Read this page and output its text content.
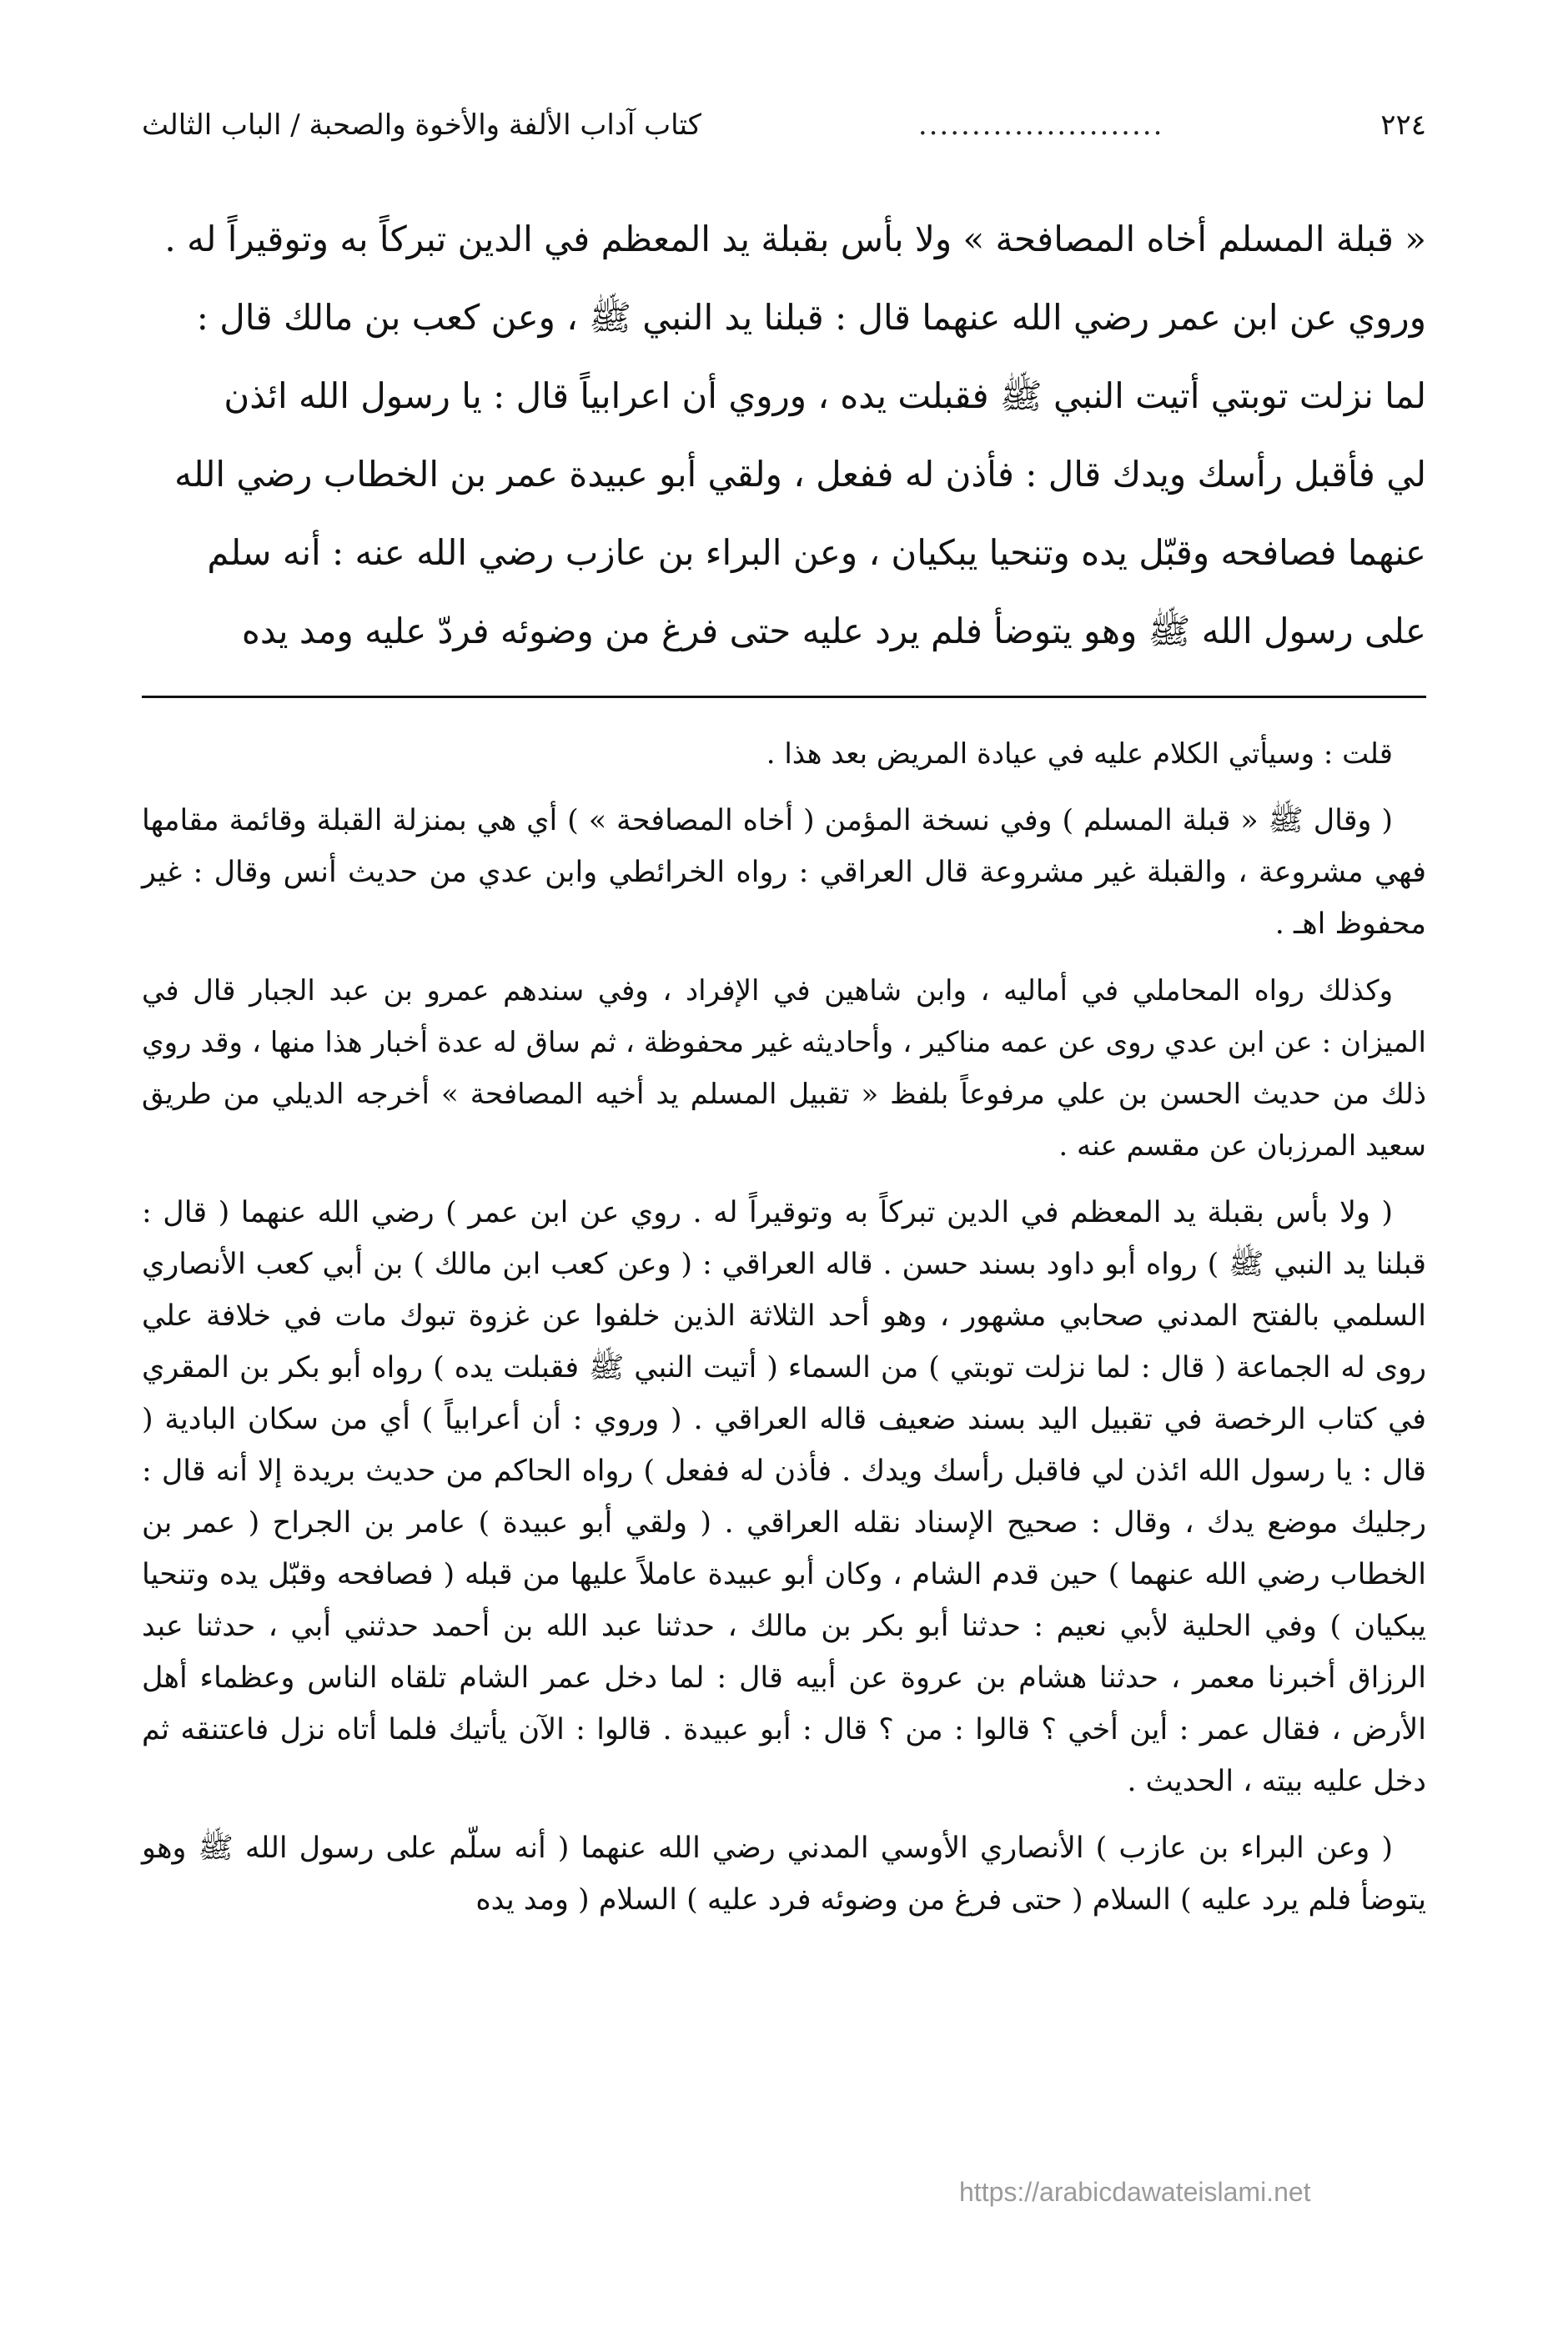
٢٢٤
.......................
كتاب آداب الألفة والأخوة والصحبة / الباب الثالث

« قبلة المسلم أخاه المصافحة » ولا بأس بقبلة يد المعظم في الدين تبركاً به وتوقيراً له .

وروي عن ابن عمر رضي الله عنهما قال : قبلنا يد النبي ﷺ ، وعن كعب بن مالك قال :

لما نزلت توبتي أتيت النبي ﷺ فقبلت يده ، وروي أن اعرابياً قال : يا رسول الله ائذن

لي فأقبل رأسك ويدك قال : فأذن له ففعل ، ولقي أبو عبيدة عمر بن الخطاب رضي الله

عنهما فصافحه وقبّل يده وتنحيا يبكيان ، وعن البراء بن عازب رضي الله عنه : أنه سلم

على رسول الله ﷺ وهو يتوضأ فلم يرد عليه حتى فرغ من وضوئه فردّ عليه ومد يده

قلت : وسيأتي الكلام عليه في عيادة المريض بعد هذا .

( وقال ﷺ « قبلة المسلم ) وفي نسخة المؤمن ( أخاه المصافحة » ) أي هي بمنزلة القبلة وقائمة مقامها فهي مشروعة ، والقبلة غير مشروعة قال العراقي : رواه الخرائطي وابن عدي من حديث أنس وقال : غير محفوظ اهـ .

وكذلك رواه المحاملي في أماليه ، وابن شاهين في الإفراد ، وفي سندهم عمرو بن عبد الجبار قال في الميزان : عن ابن عدي روى عن عمه مناكير ، وأحاديثه غير محفوظة ، ثم ساق له عدة أخبار هذا منها ، وقد روي ذلك من حديث الحسن بن علي مرفوعاً بلفظ « تقبيل المسلم يد أخيه المصافحة » أخرجه الديلي من طريق سعيد المرزبان عن مقسم عنه .

( ولا بأس بقبلة يد المعظم في الدين تبركاً به وتوقيراً له . روي عن ابن عمر ) رضي الله عنهما ( قال : قبلنا يد النبي ﷺ ) رواه أبو داود بسند حسن . قاله العراقي : ( وعن كعب ابن مالك ) بن أبي كعب الأنصاري السلمي بالفتح المدني صحابي مشهور ، وهو أحد الثلاثة الذين خلفوا عن غزوة تبوك مات في خلافة علي روى له الجماعة ( قال : لما نزلت توبتي ) من السماء ( أتيت النبي ﷺ فقبلت يده ) رواه أبو بكر بن المقري في كتاب الرخصة في تقبيل اليد بسند ضعيف قاله العراقي . ( وروي : أن أعرابياً ) أي من سكان البادية ( قال : يا رسول الله ائذن لي فاقبل رأسك ويدك . فأذن له ففعل ) رواه الحاكم من حديث بريدة إلا أنه قال : رجليك موضع يدك ، وقال : صحيح الإسناد نقله العراقي . ( ولقي أبو عبيدة ) عامر بن الجراح ( عمر بن الخطاب رضي الله عنهما ) حين قدم الشام ، وكان أبو عبيدة عاملاً عليها من قبله ( فصافحه وقبّل يده وتنحيا يبكيان ) وفي الحلية لأبي نعيم : حدثنا أبو بكر بن مالك ، حدثنا عبد الله بن أحمد حدثني أبي ، حدثنا عبد الرزاق أخبرنا معمر ، حدثنا هشام بن عروة عن أبيه قال : لما دخل عمر الشام تلقاه الناس وعظماء أهل الأرض ، فقال عمر : أين أخي ؟ قالوا : من ؟ قال : أبو عبيدة . قالوا : الآن يأتيك فلما أتاه نزل فاعتنقه ثم دخل عليه بيته ، الحديث .

( وعن البراء بن عازب ) الأنصاري الأوسي المدني رضي الله عنهما ( أنه سلّم على رسول الله ﷺ وهو يتوضأ فلم يرد عليه ) السلام ( حتى فرغ من وضوئه فرد عليه ) السلام ( ومد يده

https://arabicdawateislami.net
